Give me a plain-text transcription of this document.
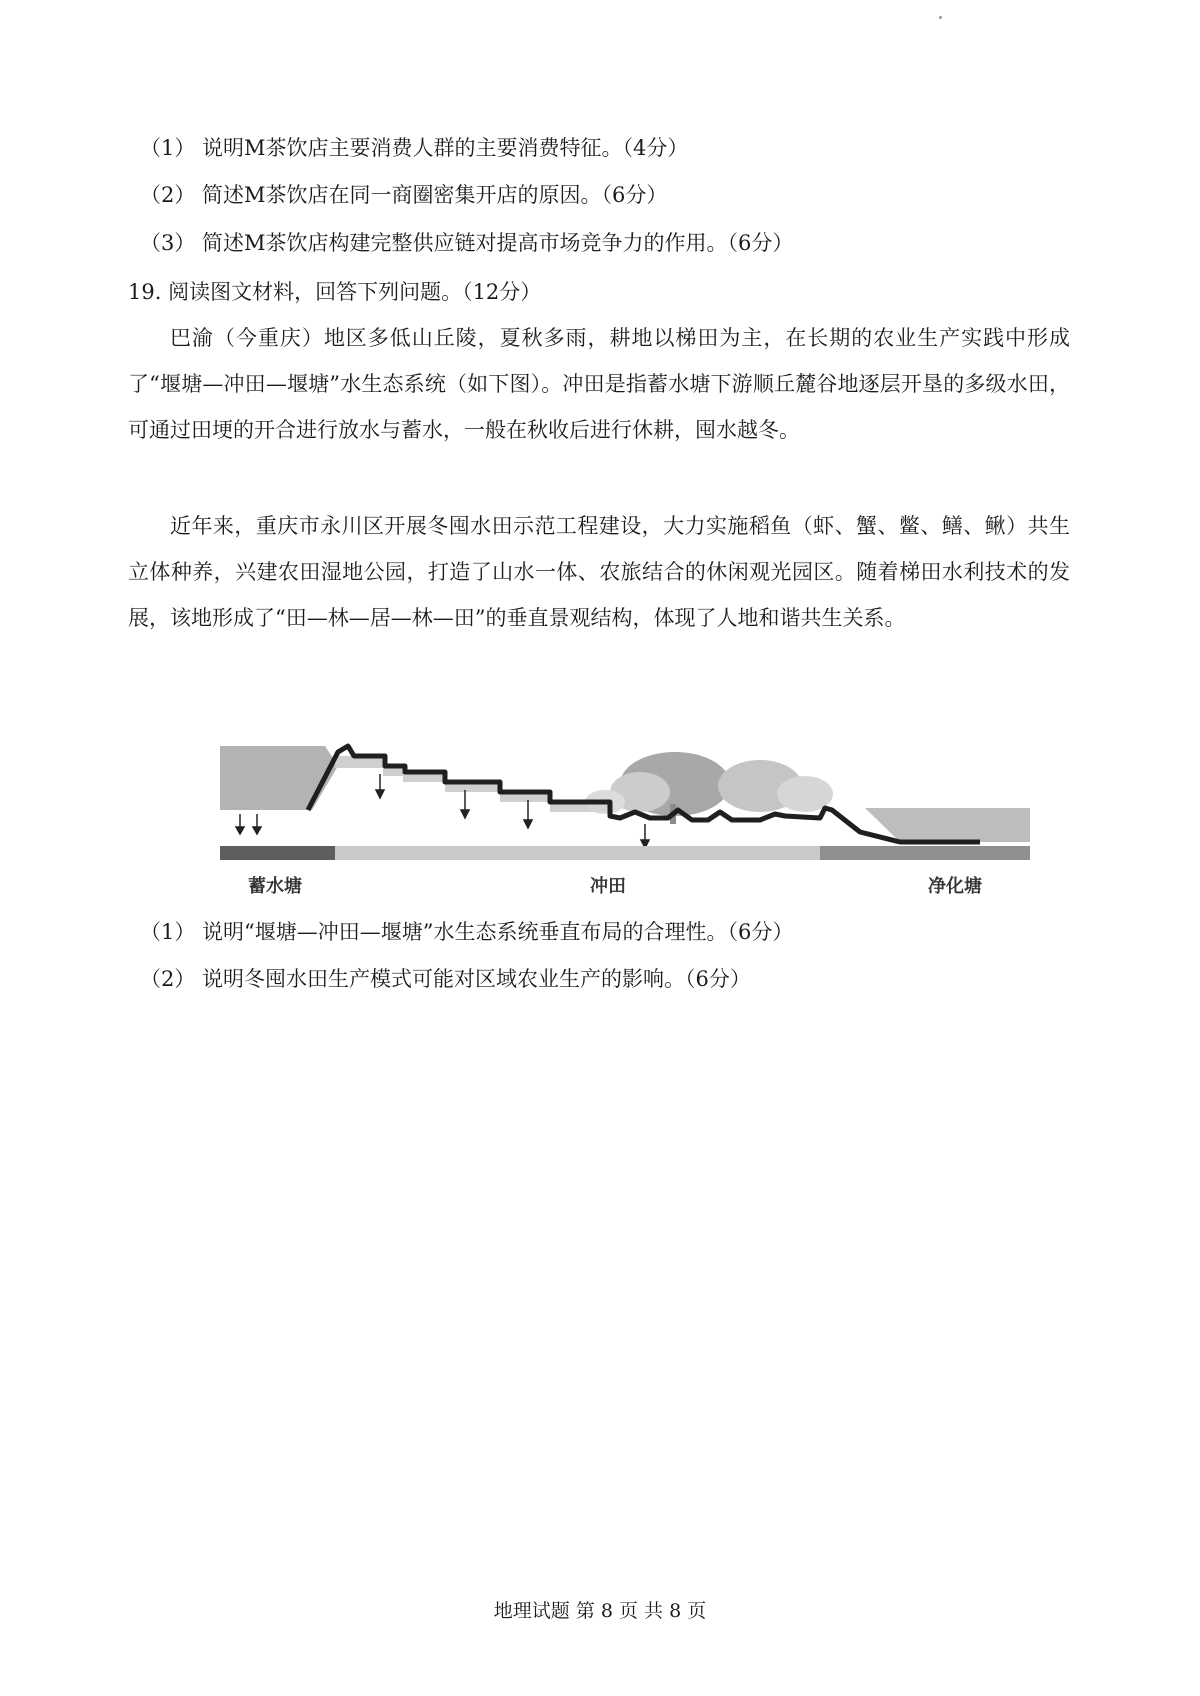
（1） 说明M茶饮店主要消费人群的主要消费特征。（4分）
（2） 简述M茶饮店在同一商圈密集开店的原因。（6分）
（3） 简述M茶饮店构建完整供应链对提高市场竞争力的作用。（6分）
19. 阅读图文材料，回答下列问题。（12分）

巴渝（今重庆）地区多低山丘陵，夏秋多雨，耕地以梯田为主，在长期的农业生产实践中形成了“堰塘—冲田—堰塘”水生态系统（如下图）。冲田是指蓄水塘下游顺丘麓谷地逐层开垦的多级水田，可通过田埂的开合进行放水与蓄水，一般在秋收后进行休耕，囤水越冬。

近年来，重庆市永川区开展冬囤水田示范工程建设，大力实施稻鱼（虾、蟹、鳖、鳝、鳅）共生立体种养，兴建农田湿地公园，打造了山水一体、农旅结合的休闲观光园区。随着梯田水利技术的发展，该地形成了“田—林—居—林—田”的垂直景观结构，体现了人地和谐共生关系。

蓄水塘	冲田	净化塘
（1） 说明“堰塘—冲田—堰塘”水生态系统垂直布局的合理性。（6分）
（2） 说明冬囤水田生产模式可能对区域农业生产的影响。（6分）
地理试题 第 8 页 共 8 页
